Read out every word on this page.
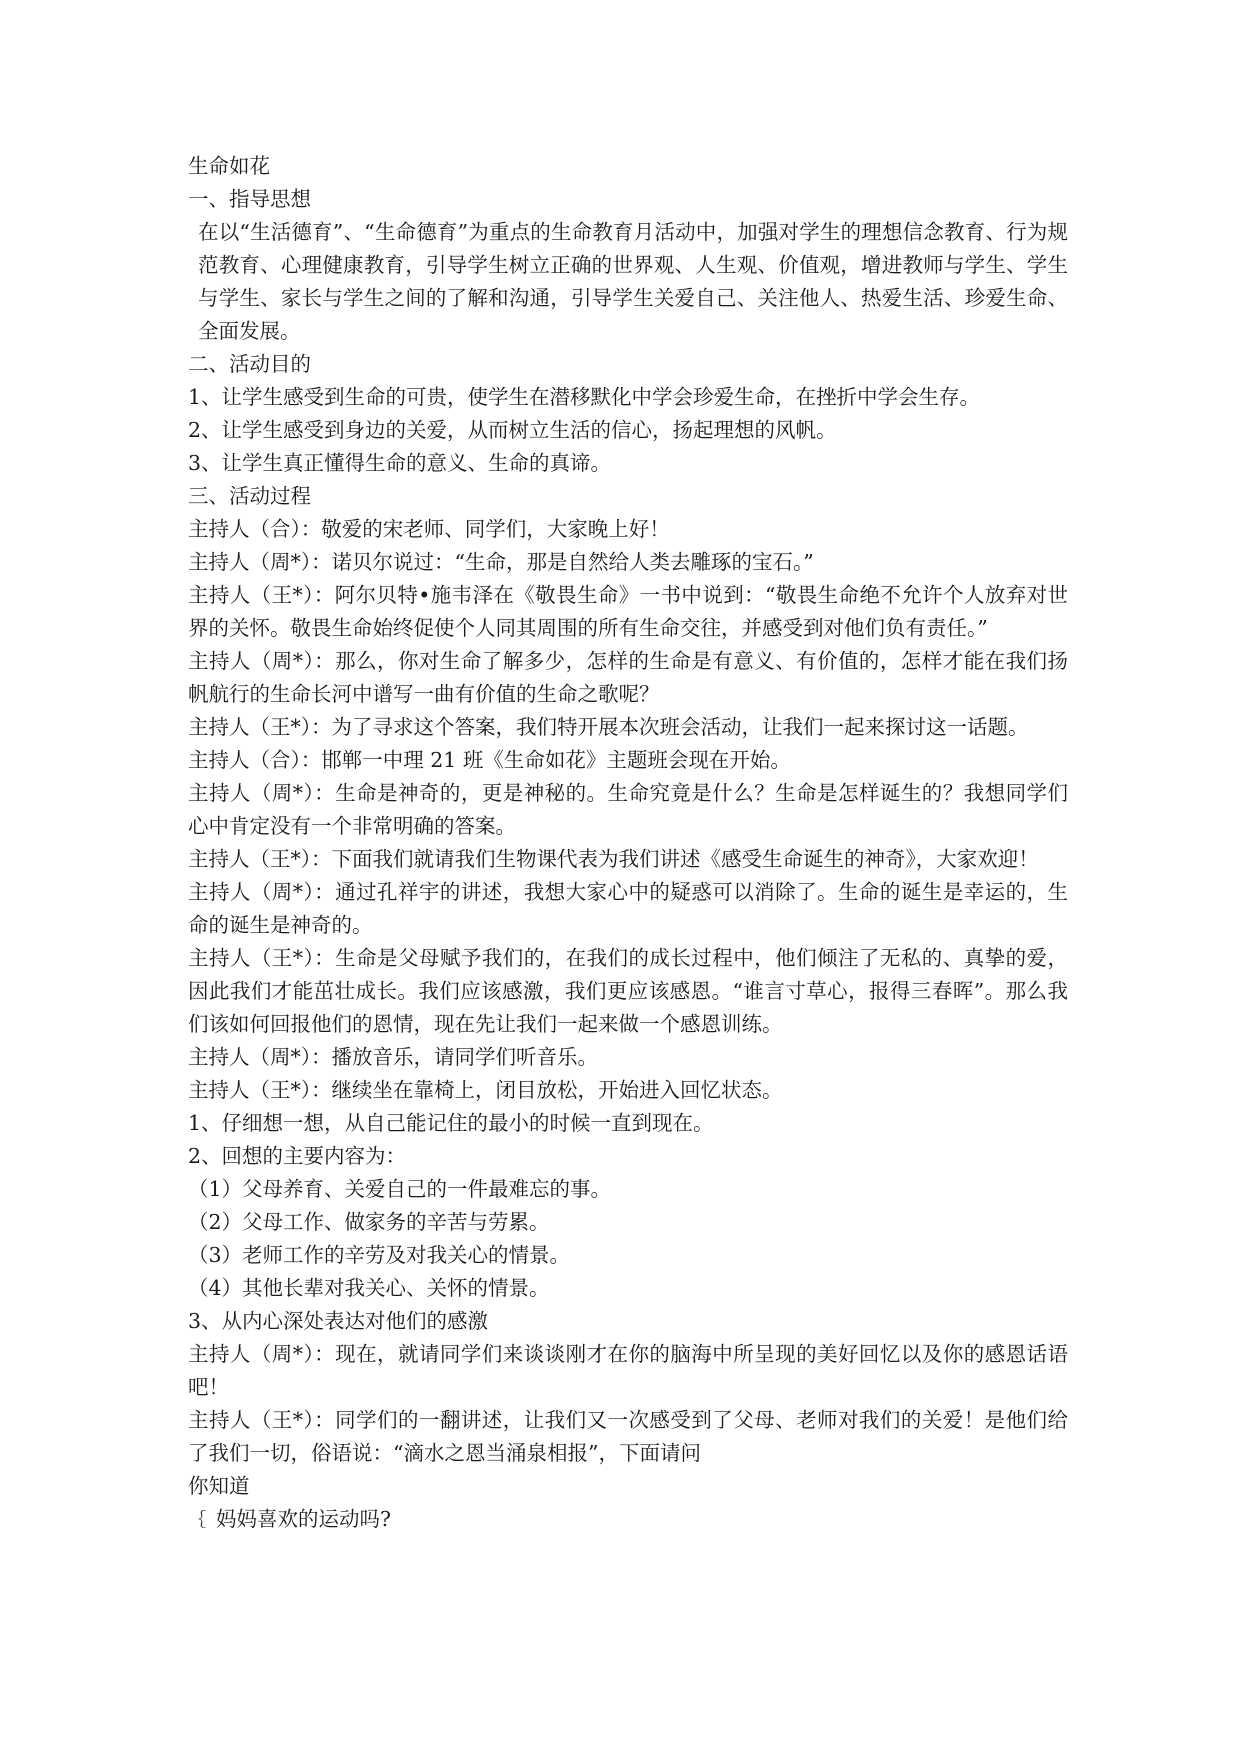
生命如花
一、指导思想
在以“生活德育”、“生命德育”为重点的生命教育月活动中，加强对学生的理想信念教育、行为规范教育、心理健康教育，引导学生树立正确的世界观、人生观、价值观，增进教师与学生、学生与学生、家长与学生之间的了解和沟通，引导学生关爱自己、关注他人、热爱生活、珍爱生命、全面发展。
二、活动目的
1、让学生感受到生命的可贵，使学生在潜移默化中学会珍爱生命，在挫折中学会生存。
2、让学生感受到身边的关爱，从而树立生活的信心，扬起理想的风帆。
3、让学生真正懂得生命的意义、生命的真谛。
三、活动过程
主持人（合）：敬爱的宋老师、同学们，大家晚上好！
主持人（周*）：诺贝尔说过：“生命，那是自然给人类去雕琢的宝石。”
主持人（王*）：阿尔贝特•施韦泽在《敬畏生命》一书中说到：“敬畏生命绝不允许个人放弃对世界的关怀。敬畏生命始终促使个人同其周围的所有生命交往，并感受到对他们负有责任。”
主持人（周*）：那么，你对生命了解多少，怎样的生命是有意义、有价值的，怎样才能在我们扬帆航行的生命长河中谱写一曲有价值的生命之歌呢？
主持人（王*）：为了寻求这个答案，我们特开展本次班会活动，让我们一起来探讨这一话题。
主持人（合）：邯郸一中理 21 班《生命如花》主题班会现在开始。
主持人（周*）：生命是神奇的，更是神秘的。生命究竟是什么？生命是怎样诞生的？我想同学们心中肯定没有一个非常明确的答案。
主持人（王*）：下面我们就请我们生物课代表为我们讲述《感受生命诞生的神奇》，大家欢迎！
主持人（周*）：通过孔祥宇的讲述，我想大家心中的疑惑可以消除了。生命的诞生是幸运的，生命的诞生是神奇的。
主持人（王*）：生命是父母赋予我们的，在我们的成长过程中，他们倾注了无私的、真挚的爱，因此我们才能茁壮成长。我们应该感激，我们更应该感恩。“谁言寸草心，报得三春晖”。那么我们该如何回报他们的恩情，现在先让我们一起来做一个感恩训练。
主持人（周*）：播放音乐，请同学们听音乐。
主持人（王*）：继续坐在靠椅上，闭目放松，开始进入回忆状态。
1、仔细想一想，从自己能记住的最小的时候一直到现在。
2、回想的主要内容为：
（1）父母养育、关爱自己的一件最难忘的事。
（2）父母工作、做家务的辛苦与劳累。
（3）老师工作的辛劳及对我关心的情景。
（4）其他长辈对我关心、关怀的情景。
3、从内心深处表达对他们的感激
主持人（周*）：现在，就请同学们来谈谈刚才在你的脑海中所呈现的美好回忆以及你的感恩话语吧！
主持人（王*）：同学们的一翻讲述，让我们又一次感受到了父母、老师对我们的关爱！是他们给了我们一切，俗语说：“滴水之恩当涌泉相报”，下面请问
你知道
｛ 妈妈喜欢的运动吗?
